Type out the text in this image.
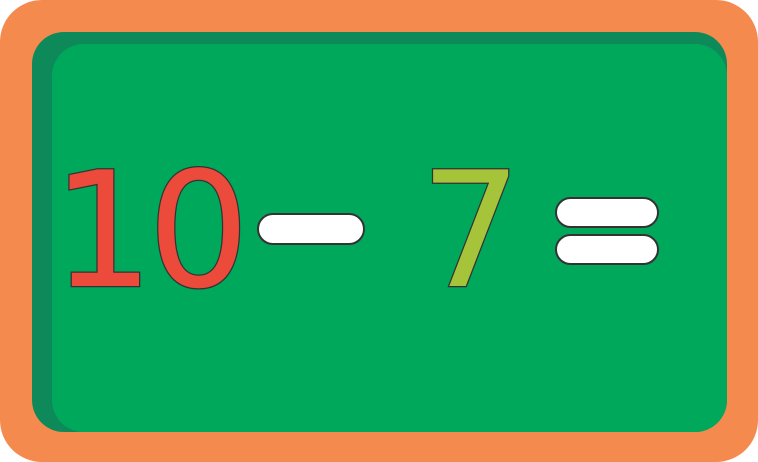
10 7
